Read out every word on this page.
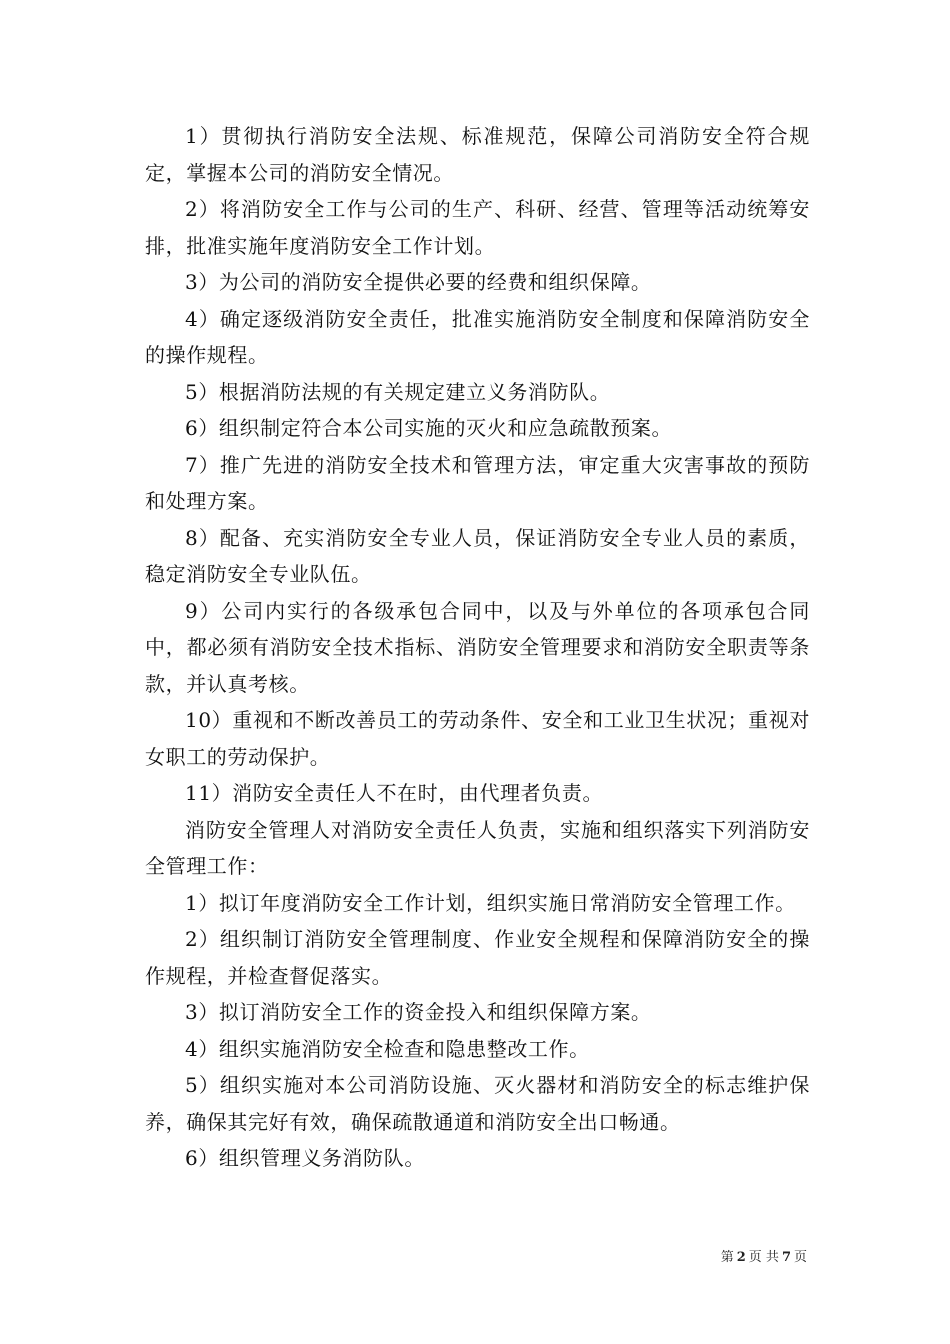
1）贯彻执行消防安全法规、标准规范，保障公司消防安全符合规定，掌握本公司的消防安全情况。

2）将消防安全工作与公司的生产、科研、经营、管理等活动统筹安排，批准实施年度消防安全工作计划。

3）为公司的消防安全提供必要的经费和组织保障。

4）确定逐级消防安全责任，批准实施消防安全制度和保障消防安全的操作规程。

5）根据消防法规的有关规定建立义务消防队。

6）组织制定符合本公司实施的灭火和应急疏散预案。

7）推广先进的消防安全技术和管理方法，审定重大灾害事故的预防和处理方案。

8）配备、充实消防安全专业人员，保证消防安全专业人员的素质，稳定消防安全专业队伍。

9）公司内实行的各级承包合同中，以及与外单位的各项承包合同中，都必须有消防安全技术指标、消防安全管理要求和消防安全职责等条款，并认真考核。

10）重视和不断改善员工的劳动条件、安全和工业卫生状况；重视对女职工的劳动保护。

11）消防安全责任人不在时，由代理者负责。

消防安全管理人对消防安全责任人负责，实施和组织落实下列消防安全管理工作：

1）拟订年度消防安全工作计划，组织实施日常消防安全管理工作。

2）组织制订消防安全管理制度、作业安全规程和保障消防安全的操作规程，并检查督促落实。

3）拟订消防安全工作的资金投入和组织保障方案。

4）组织实施消防安全检查和隐患整改工作。

5）组织实施对本公司消防设施、灭火器材和消防安全的标志维护保养，确保其完好有效，确保疏散通道和消防安全出口畅通。

6）组织管理义务消防队。

第 2 页 共 7 页
